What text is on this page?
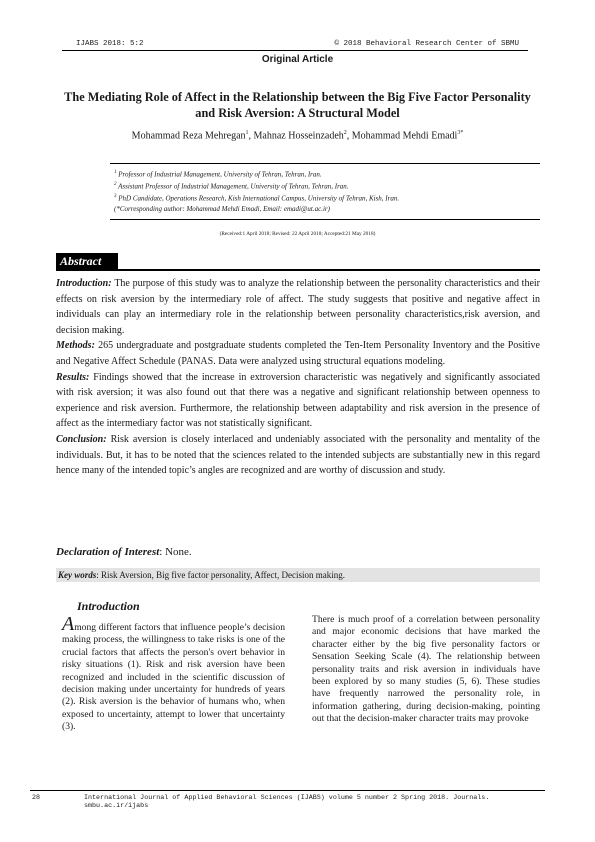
IJABS 2018: 5:2	© 2018 Behavioral Research Center of SBMU
Original Article
The Mediating Role of Affect in the Relationship between the Big Five Factor Personality and Risk Aversion: A Structural Model
Mohammad Reza Mehregan$^1$, Mahnaz Hosseinzadeh$^2$, Mohammad Mehdi Emadi$^{3*}$
$^1$ Professor of Industrial Management, University of Tehran, Tehran, Iran.
$^2$ Assistant Professor of Industrial Management, University of Tehran, Tehran, Iran.
$^3$ PhD Candidate, Operations Research, Kish International Campus, University of Tehran, Kish, Iran.
(*Corresponding author: Mohammad Mehdi Emadi, Email: emadi@ut.ac.ir)
(Received:1 April 2018; Revised: 22 April 2018; Accepted:21 May 2018)
Abstract

Introduction: The purpose of this study was to analyze the relationship between the personality characteristics and their effects on risk aversion by the intermediary role of affect. The study suggests that positive and negative affect in individuals can play an intermediary role in the relationship between personality characteristics,risk aversion, and decision making.

Methods: 265 undergraduate and postgraduate students completed the Ten-Item Personality Inventory and the Positive and Negative Affect Schedule (PANAS. Data were analyzed using structural equations modeling.

Results: Findings showed that the increase in extroversion characteristic was negatively and significantly associated with risk aversion; it was also found out that there was a negative and significant relationship between openness to experience and risk aversion. Furthermore, the relationship between adaptability and risk aversion in the presence of affect as the intermediary factor was not statistically significant.

Conclusion: Risk aversion is closely interlaced and undeniably associated with the personality and mentality of the individuals. But, it has to be noted that the sciences related to the intended subjects are substantially new in this regard hence many of the intended topic’s angles are recognized and are worthy of discussion and study.

Declaration of Interest: None.
Key words: Risk Aversion, Big five factor personality, Affect, Decision making.
Introduction
Among different factors that influence people’s decision making process, the willingness to take risks is one of the crucial factors that affects the person's overt behavior in risky situations (1). Risk and risk aversion have been recognized and included in the scientific discussion of decision making under uncertainty for hundreds of years (2). Risk aversion is the behavior of humans who, when exposed to uncertainty, attempt to lower that uncertainty (3).
There is much proof of a correlation between personality and major economic decisions that have marked the character either by the big five personality factors or Sensation Seeking Scale (4). The relationship between personality traits and risk aversion in individuals have been explored by so many studies (5, 6). These studies have frequently narrowed the personality role, in information gathering, during decision-making, pointing out that the decision-maker character traits may provoke
28	International Journal of Applied Behavioral Sciences (IJABS) volume 5 number 2 Spring 2018. Journals. smbu.ac.ir/ijabs
